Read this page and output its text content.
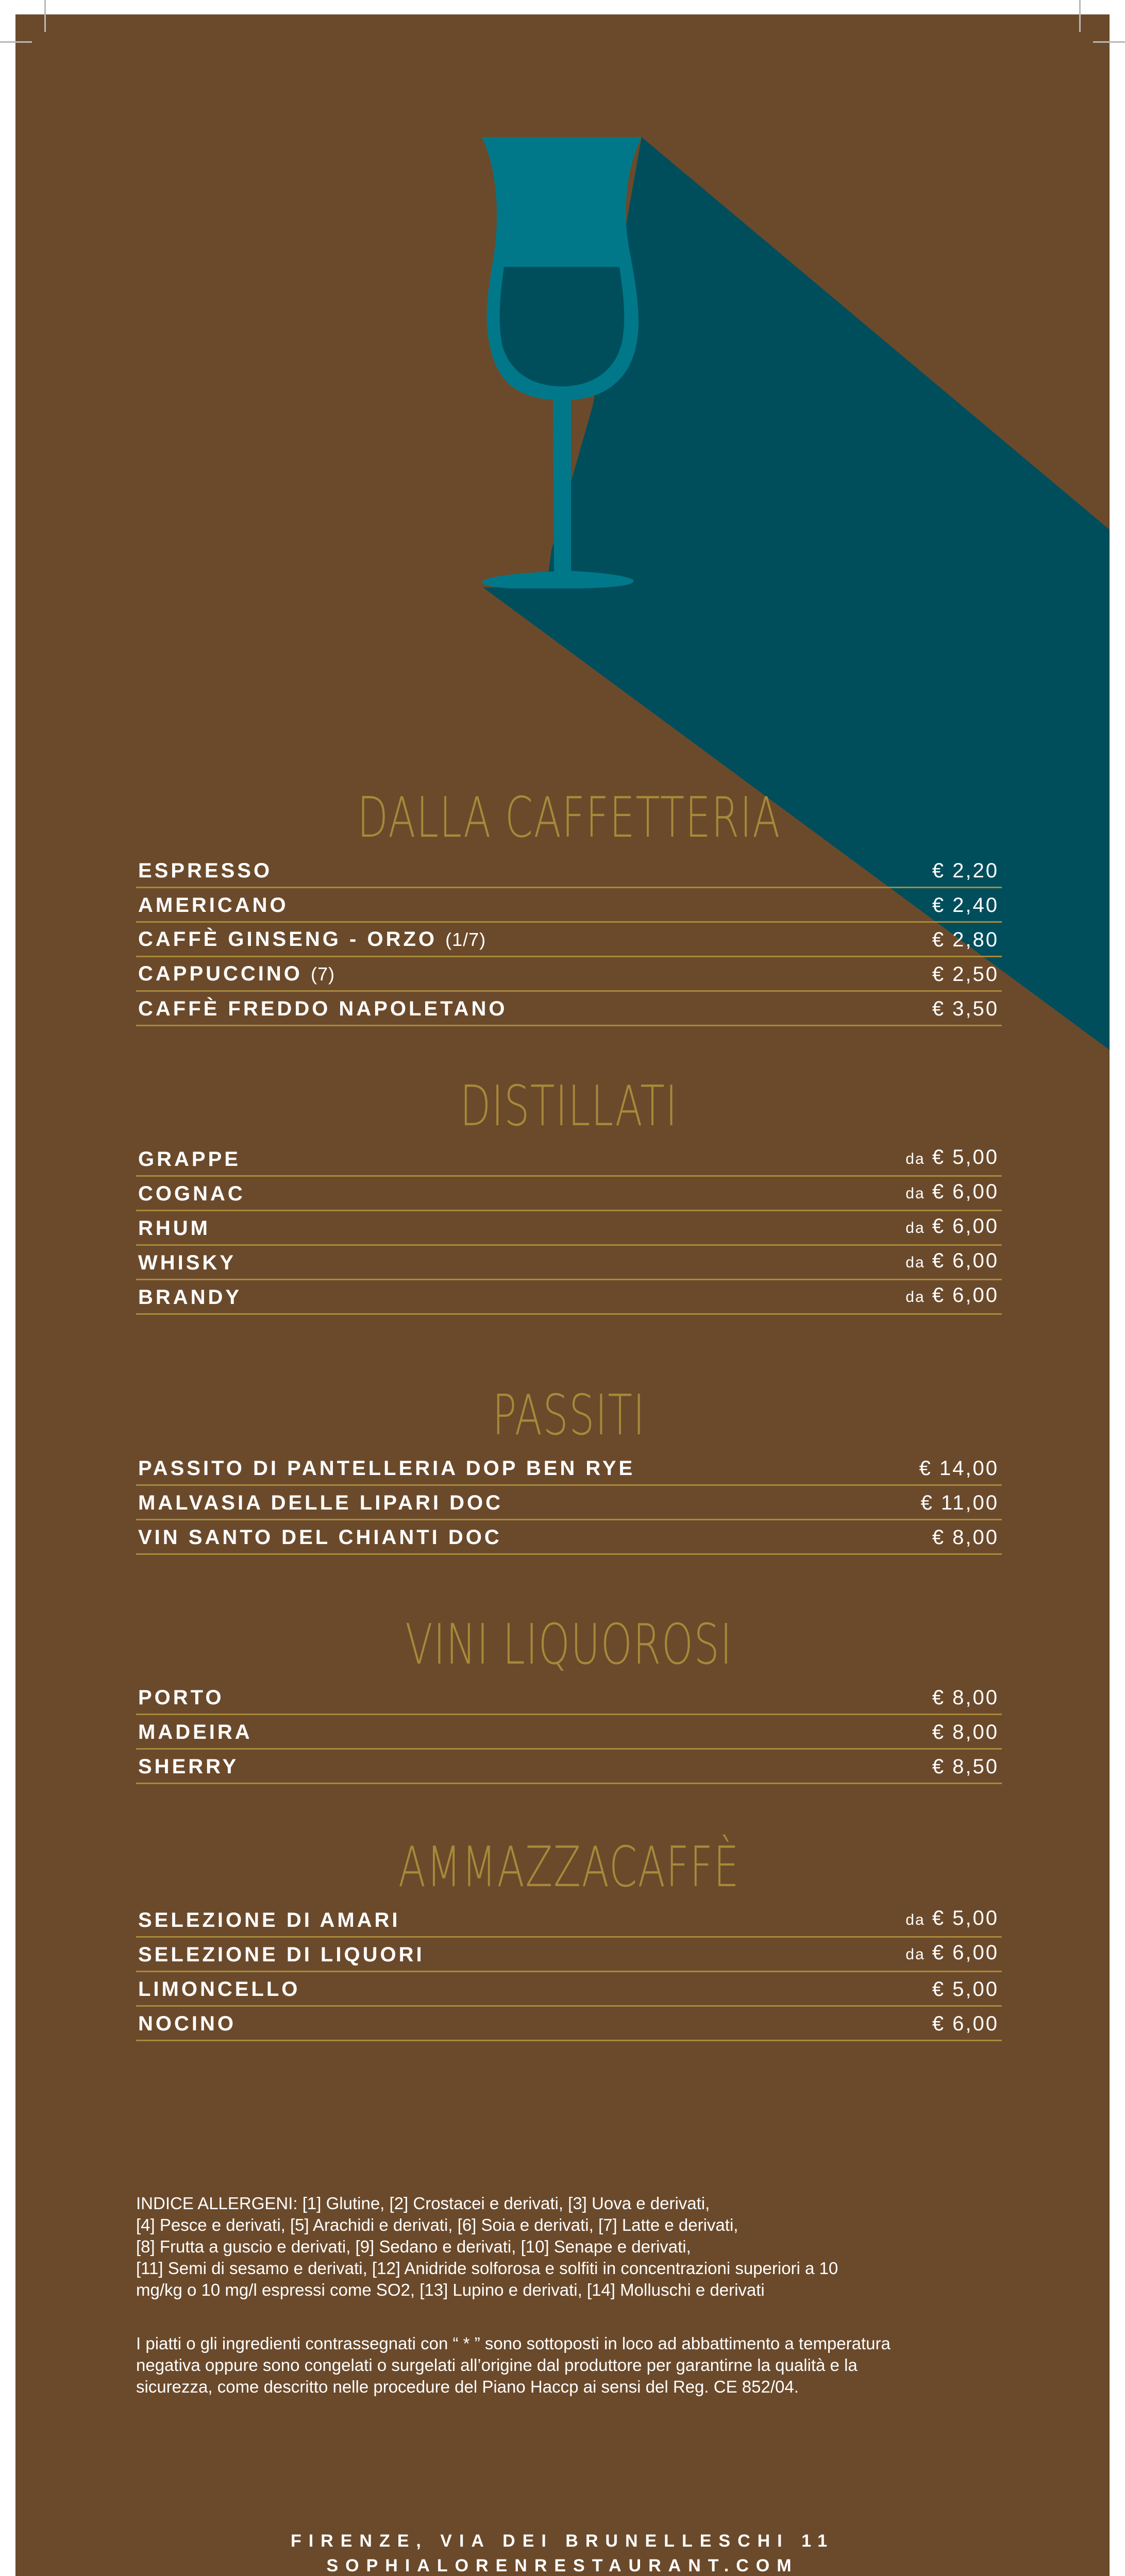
DALLA CAFFETTERIA
ESPRESSO	€ 2,20
AMERICANO	€ 2,40
CAFFÈ GINSENG - ORZO (1/7)	€ 2,80
CAPPUCCINO (7)	€ 2,50
CAFFÈ FREDDO NAPOLETANO	€ 3,50
DISTILLATI
GRAPPE	da € 5,00
COGNAC	da € 6,00
RHUM	da € 6,00
WHISKY	da € 6,00
BRANDY	da € 6,00
PASSITI
PASSITO DI PANTELLERIA DOP BEN RYE	€ 14,00
MALVASIA DELLE LIPARI DOC	€ 11,00
VIN SANTO DEL CHIANTI DOC	€ 8,00
VINI LIQUOROSI
PORTO	€ 8,00
MADEIRA	€ 8,00
SHERRY	€ 8,50
AMMAZZACAFFÈ
SELEZIONE DI AMARI	da € 5,00
SELEZIONE DI LIQUORI	da € 6,00
LIMONCELLO	€ 5,00
NOCINO	€ 6,00
INDICE ALLERGENI: [1] Glutine, [2] Crostacei e derivati, [3] Uova e derivati,
[4] Pesce e derivati, [5] Arachidi e derivati, [6] Soia e derivati, [7] Latte e derivati,
[8] Frutta a guscio e derivati, [9] Sedano e derivati, [10] Senape e derivati,
[11] Semi di sesamo e derivati, [12] Anidride solforosa e solfiti in concentrazioni superiori a 10
mg/kg o 10 mg/l espressi come SO2, [13] Lupino e derivati, [14] Molluschi e derivati
I piatti o gli ingredienti contrassegnati con “ * ” sono sottoposti in loco ad abbattimento a temperatura
negativa oppure sono congelati o surgelati all’origine dal produttore per garantirne la qualità e la
sicurezza, come descritto nelle procedure del Piano Haccp ai sensi del Reg. CE 852/04.
FIRENZE, VIA DEI BRUNELLESCHI 11
SOPHIALORENRESTAURANT.COM
